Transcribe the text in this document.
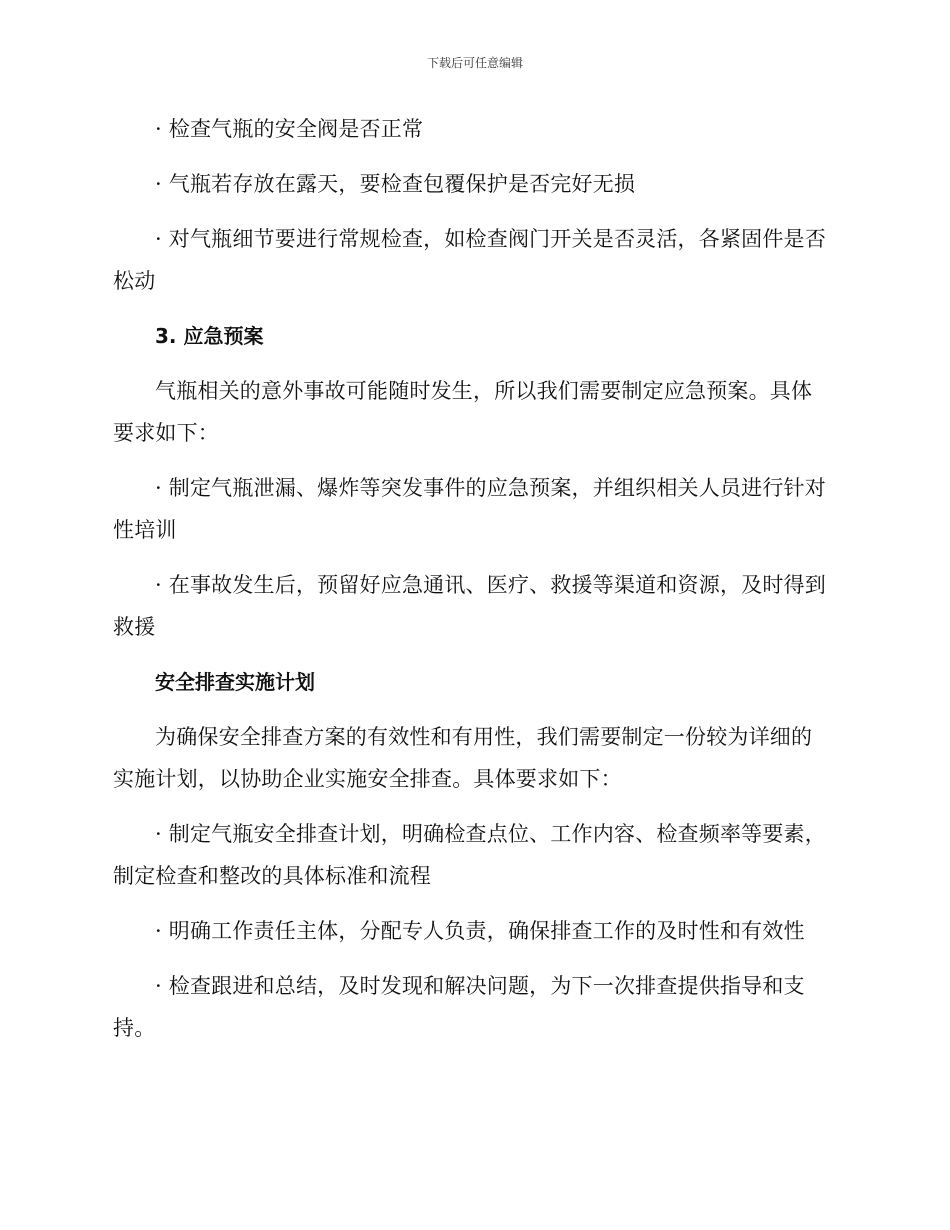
下载后可任意编辑

· 检查气瓶的安全阀是否正常

· 气瓶若存放在露天，要检查包覆保护是否完好无损

· 对气瓶细节要进行常规检查，如检查阀门开关是否灵活，各紧固件是否松动

3. 应急预案

气瓶相关的意外事故可能随时发生，所以我们需要制定应急预案。具体要求如下：

· 制定气瓶泄漏、爆炸等突发事件的应急预案，并组织相关人员进行针对性培训

· 在事故发生后，预留好应急通讯、医疗、救援等渠道和资源，及时得到救援

安全排查实施计划

为确保安全排查方案的有效性和有用性，我们需要制定一份较为详细的实施计划，以协助企业实施安全排查。具体要求如下：

· 制定气瓶安全排查计划，明确检查点位、工作内容、检查频率等要素，制定检查和整改的具体标准和流程

· 明确工作责任主体，分配专人负责，确保排查工作的及时性和有效性

· 检查跟进和总结，及时发现和解决问题，为下一次排查提供指导和支持。
